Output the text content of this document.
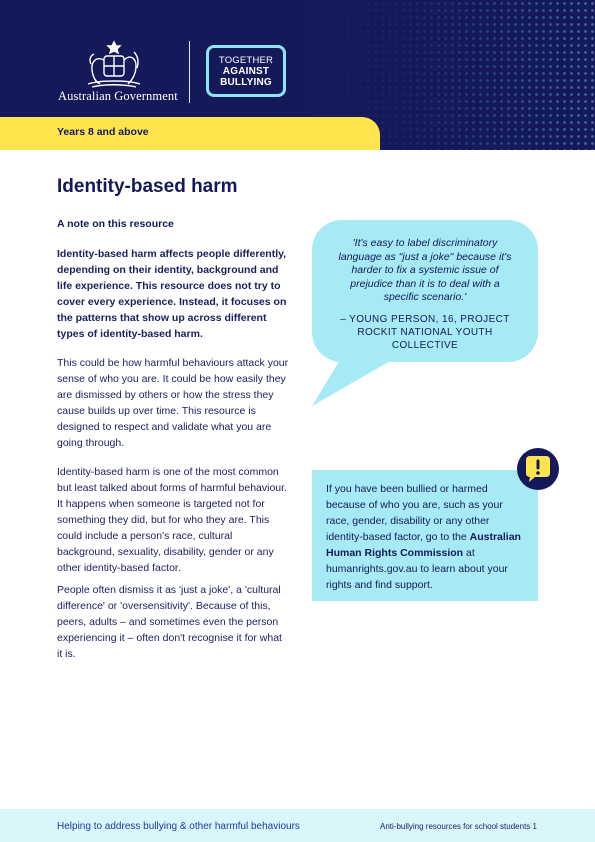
Australian Government
TOGETHER
AGAINST
BULLYING
Years 8 and above
Identity-based harm
A note on this resource
Identity-based harm affects people differently, depending on their identity, background and life experience. This resource does not try to cover every experience. Instead, it focuses on the patterns that show up across different types of identity-based harm.
This could be how harmful behaviours attack your sense of who you are. It could be how easily they are dismissed by others or how the stress they cause builds up over time. This resource is designed to respect and validate what you are going through.
Identity-based harm is one of the most common but least talked about forms of harmful behaviour. It happens when someone is targeted not for something they did, but for who they are. This could include a person's race, cultural background, sexuality, disability, gender or any other identity-based factor.
People often dismiss it as 'just a joke', a 'cultural difference' or 'oversensitivity'. Because of this, peers, adults – and sometimes even the person experiencing it – often don't recognise it for what it is.
'It's easy to label discriminatory language as "just a joke" because it's harder to fix a systemic issue of prejudice than it is to deal with a specific scenario.'
– YOUNG PERSON, 16, PROJECT ROCKIT NATIONAL YOUTH COLLECTIVE
If you have been bullied or harmed because of who you are, such as your race, gender, disability or any other identity-based factor, go to the Australian Human Rights Commission at humanrights.gov.au to learn about your rights and find support.
Helping to address bullying & other harmful behaviours	Anti-bullying resources for school students 1
